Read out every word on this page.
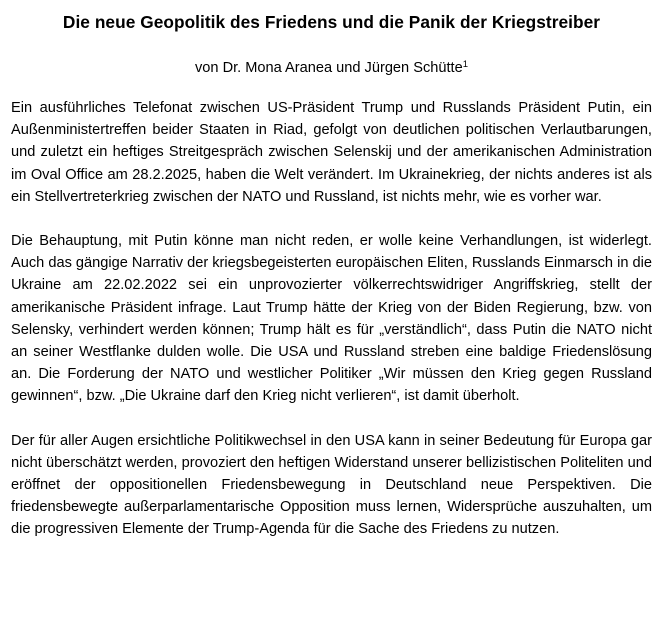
Die neue Geopolitik des Friedens und die Panik der Kriegstreiber

von Dr. Mona Aranea und Jürgen Schütte$^1$

Ein ausführliches Telefonat zwischen US-Präsident Trump und Russlands Präsident Putin, ein Außenministertreffen beider Staaten in Riad, gefolgt von deutlichen politischen Verlautbarungen, und zuletzt ein heftiges Streitgespräch zwischen Selenskij und der amerikanischen Administration im Oval Office am 28.2.2025, haben die Welt verändert. Im Ukrainekrieg, der nichts anderes ist als ein Stellvertreterkrieg zwischen der NATO und Russland, ist nichts mehr, wie es vorher war.

Die Behauptung, mit Putin könne man nicht reden, er wolle keine Verhandlungen, ist widerlegt. Auch das gängige Narrativ der kriegsbegeisterten europäischen Eliten, Russlands Einmarsch in die Ukraine am 22.02.2022 sei ein unprovozierter völkerrechtswidriger Angriffskrieg, stellt der amerikanische Präsident infrage. Laut Trump hätte der Krieg von der Biden Regierung, bzw. von Selensky, verhindert werden können; Trump hält es für „verständlich“, dass Putin die NATO nicht an seiner Westflanke dulden wolle. Die USA und Russland streben eine baldige Friedenslösung an. Die Forderung der NATO und westlicher Politiker „Wir müssen den Krieg gegen Russland gewinnen“, bzw. „Die Ukraine darf den Krieg nicht verlieren“, ist damit überholt.

Der für aller Augen ersichtliche Politikwechsel in den USA kann in seiner Bedeutung für Europa gar nicht überschätzt werden, provoziert den heftigen Widerstand unserer bellizistischen Politeliten und eröffnet der oppositionellen Friedensbewegung in Deutschland neue Perspektiven. Die friedensbewegte außerparlamentarische Opposition muss lernen, Widersprüche auszuhalten, um die progressiven Elemente der Trump-Agenda für die Sache des Friedens zu nutzen.
